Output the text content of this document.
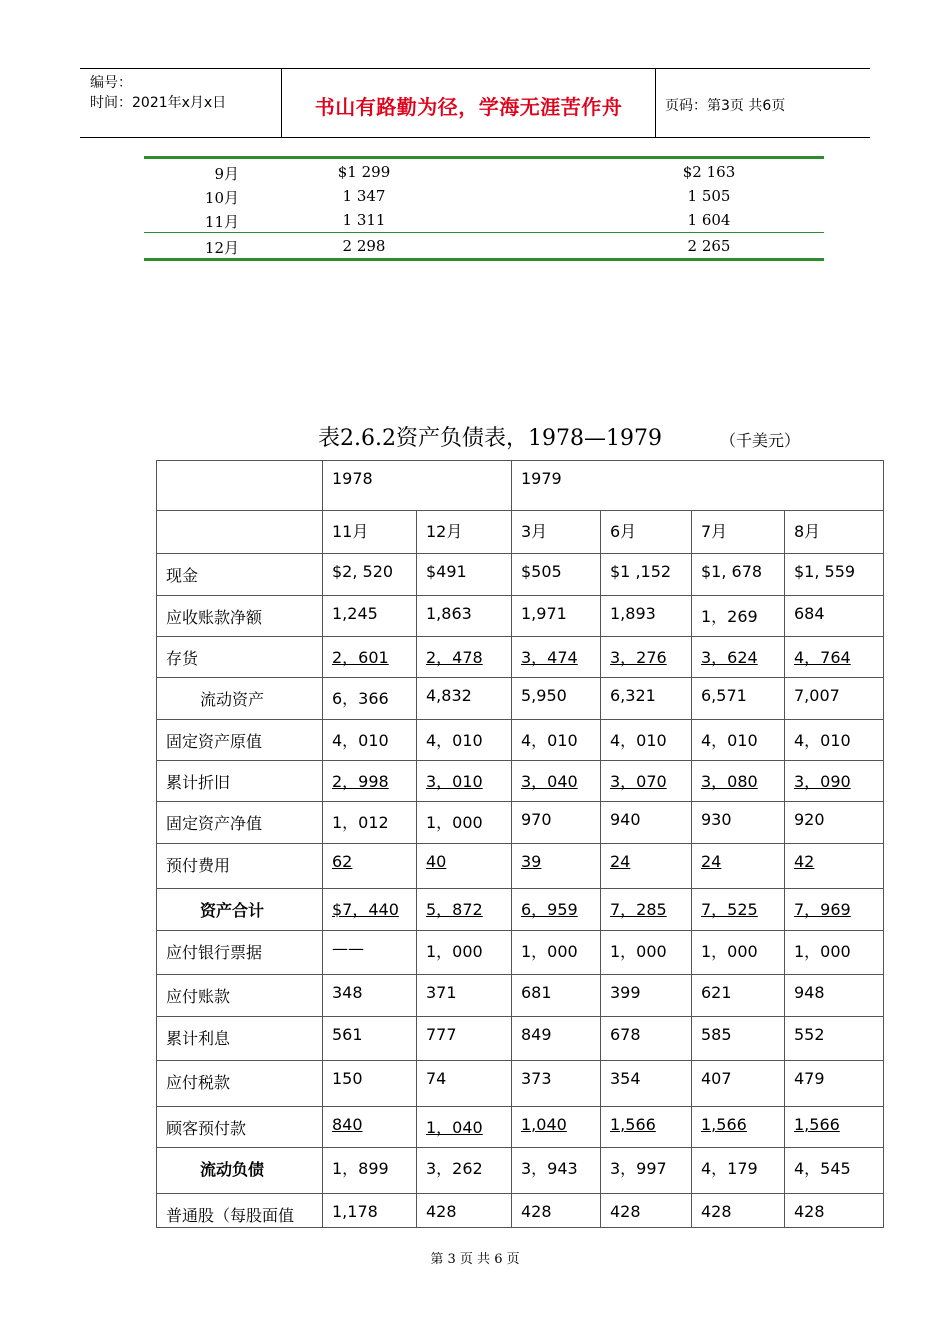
编号：
时间：2021年x月x日	书山有路勤为径，学海无涯苦作舟	页码：第3页 共6页
9月	$1 299	$2 163
10月	1 347	1 505
11月	1 311	1 604
12月	2 298	2 265
表2.6.2资产负债表，1978—1979	（千美元）

	1978		1979			

	11月	12月	3月	6月	7月	8月

现金	$2, 520	$491	$505	$1 ,152	$1, 678	$1, 559

应收账款净额	1,245	1,863	1,971	1,893	1，269	684

存货	2，601	2，478	3，474	3，276	3，624	4，764

流动资产	6，366	4,832	5,950	6,321	6,571	7,007

固定资产原值	4，010	4，010	4，010	4，010	4，010	4，010

累计折旧	2，998	3，010	3，040	3，070	3，080	3，090

固定资产净值	1，012	1，000	970	940	930	920

预付费用	62	40	39	24	24	42

资产合计	$7，440	5，872	6，959	7，285	7，525	7，969

应付银行票据	——	1，000	1，000	1，000	1，000	1，000

应付账款	348	371	681	399	621	948

累计利息	561	777	849	678	585	552

应付税款	150	74	373	354	407	479

顾客预付款	840	1，040	1,040	1,566	1,566	1,566

流动负债	1，899	3，262	3，943	3，997	4，179	4，545

普通股（每股面值	1,178	428	428	428	428	428
第 3 页 共 6 页
